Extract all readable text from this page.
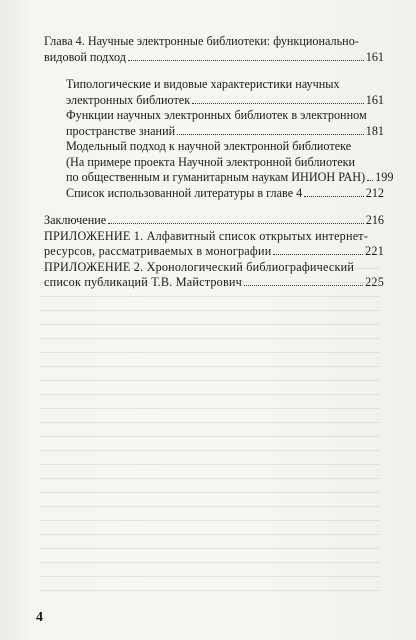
Глава 4. Научные электронные библиотеки: функционально-
видовой подход	161
Типологические и видовые характеристики научных
электронных библиотек	161
Функции научных электронных библиотек в электронном
пространстве знаний	181
Модельный подход к научной электронной библиотеке
(На примере проекта Научной электронной библиотеки
по общественным и гуманитарным наукам ИНИОН РАН) 199
Список использованной литературы в главе 4	212
Заключение	216
ПРИЛОЖЕНИЕ 1. Алфавитный список открытых интернет-
ресурсов, рассматриваемых в монографии	221
ПРИЛОЖЕНИЕ 2. Хронологический библиографический
список публикаций Т.В. Майстрович	225
4
